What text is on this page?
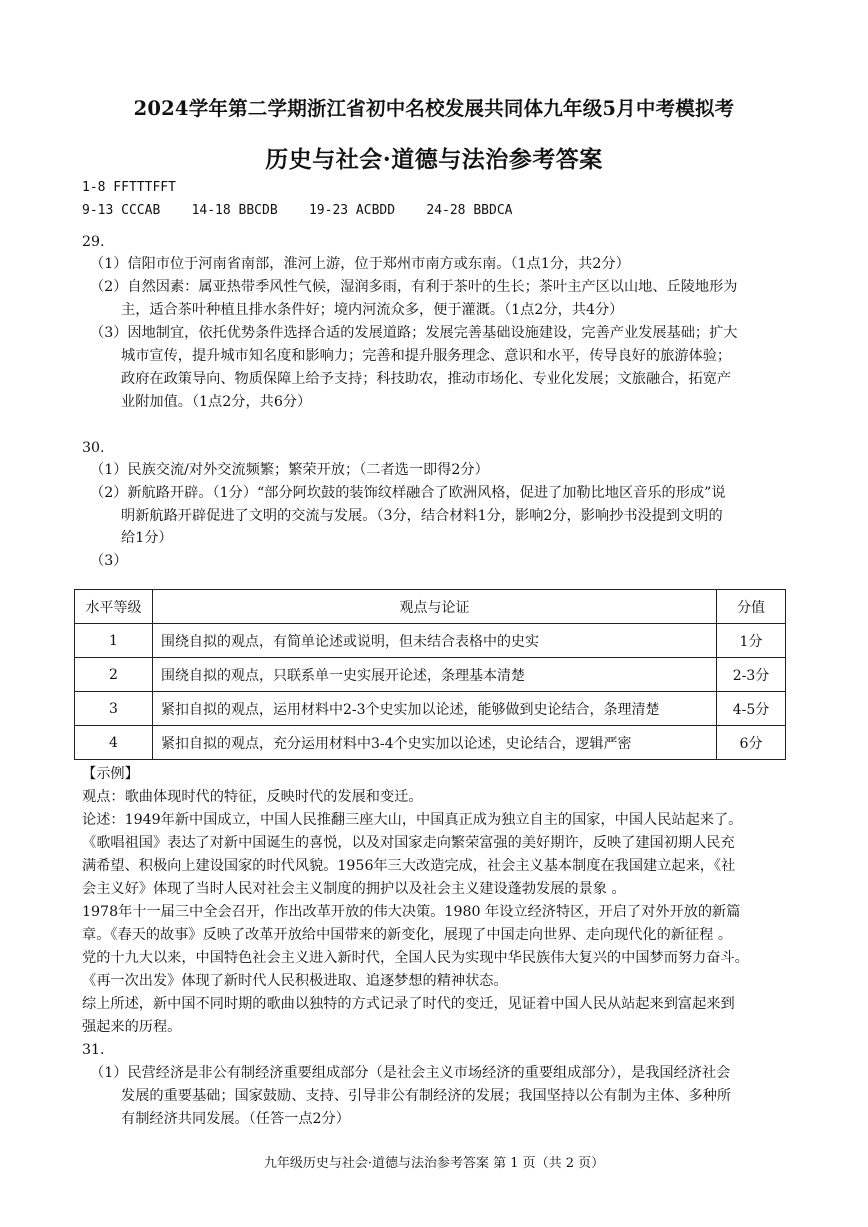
2024学年第二学期浙江省初中名校发展共同体九年级5月中考模拟考
历史与社会·道德与法治参考答案
1-8 FFTTTFFT
9-13 CCCAB    14-18 BBCDB    19-23 ACBDD    24-28 BBDCA
29.
（1）信阳市位于河南省南部，淮河上游，位于郑州市南方或东南。（1点1分，共2分）
（2）自然因素：属亚热带季风性气候，湿润多雨，有利于茶叶的生长；茶叶主产区以山地、丘陵地形为
主，适合茶叶种植且排水条件好；境内河流众多，便于灌溉。（1点2分，共4分）
（3）因地制宜，依托优势条件选择合适的发展道路；发展完善基础设施建设，完善产业发展基础；扩大
城市宣传，提升城市知名度和影响力；完善和提升服务理念、意识和水平，传导良好的旅游体验；
政府在政策导向、物质保障上给予支持；科技助农，推动市场化、专业化发展；文旅融合，拓宽产
业附加值。（1点2分，共6分）
30.
（1）民族交流/对外交流频繁；繁荣开放；（二者选一即得2分）
（2）新航路开辟。（1分）“部分阿坎鼓的装饰纹样融合了欧洲风格，促进了加勒比地区音乐的形成”说
明新航路开辟促进了文明的交流与发展。（3分，结合材料1分，影响2分，影响抄书没提到文明的
给1分）
（3）
水平等级	观点与论证	分值
1	围绕自拟的观点，有简单论述或说明，但未结合表格中的史实	1分
2	围绕自拟的观点，只联系单一史实展开论述，条理基本清楚	2-3分
3	紧扣自拟的观点，运用材料中2-3个史实加以论述，能够做到史论结合，条理清楚	4-5分
4	紧扣自拟的观点，充分运用材料中3-4个史实加以论述，史论结合，逻辑严密	6分
【示例】
观点：歌曲体现时代的特征，反映时代的发展和变迁。
论述：1949年新中国成立，中国人民推翻三座大山，中国真正成为独立自主的国家，中国人民站起来了。
《歌唱祖国》表达了对新中国诞生的喜悦，以及对国家走向繁荣富强的美好期许，反映了建国初期人民充
满希望、积极向上建设国家的时代风貌。1956年三大改造完成，社会主义基本制度在我国建立起来，《社
会主义好》体现了当时人民对社会主义制度的拥护以及社会主义建设蓬勃发展的景象 。
1978年十一届三中全会召开，作出改革开放的伟大决策。1980 年设立经济特区，开启了对外开放的新篇
章。《春天的故事》反映了改革开放给中国带来的新变化，展现了中国走向世界、走向现代化的新征程 。
党的十九大以来，中国特色社会主义进入新时代，全国人民为实现中华民族伟大复兴的中国梦而努力奋斗。
《再一次出发》体现了新时代人民积极进取、追逐梦想的精神状态。
综上所述，新中国不同时期的歌曲以独特的方式记录了时代的变迁，见证着中国人民从站起来到富起来到
强起来的历程。
31.
（1）民营经济是非公有制经济重要组成部分（是社会主义市场经济的重要组成部分），是我国经济社会
发展的重要基础；国家鼓励、支持、引导非公有制经济的发展；我国坚持以公有制为主体、多种所
有制经济共同发展。（任答一点2分）
九年级历史与社会·道德与法治参考答案 第 1 页（共 2 页）
